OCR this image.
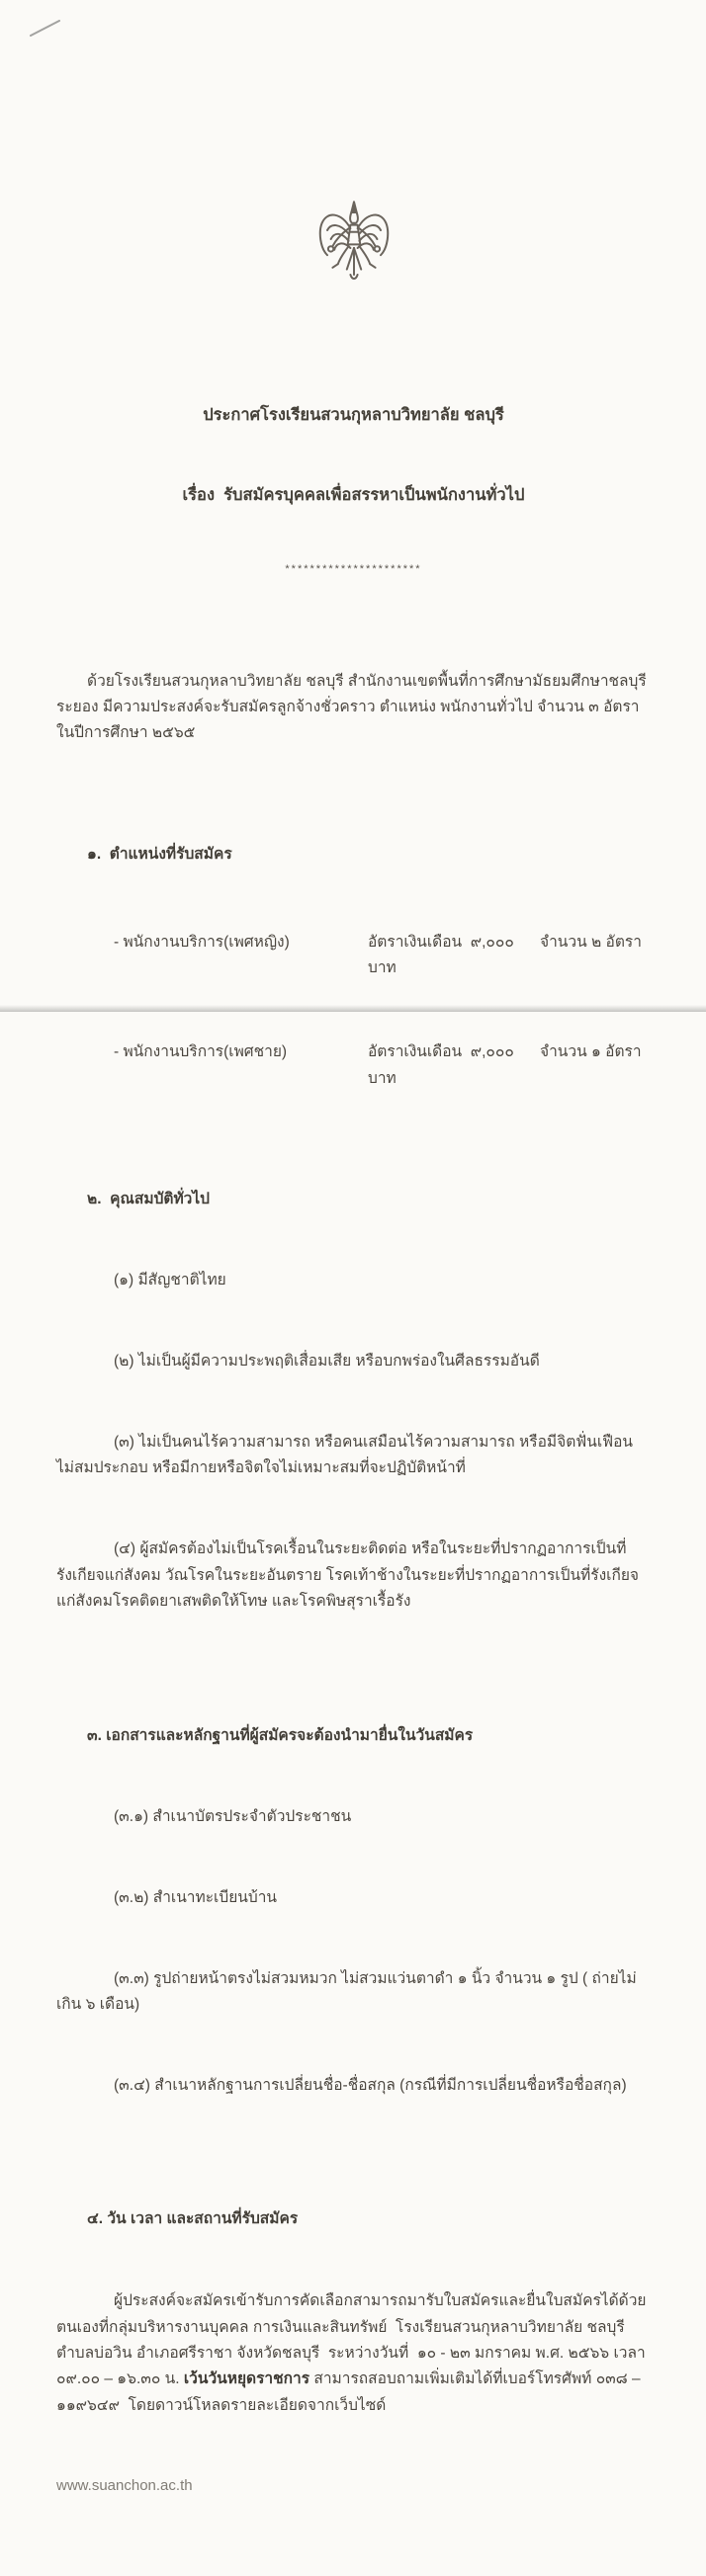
ประกาศโรงเรียนสวนกุหลาบวิทยาลัย ชลบุรี

เรื่อง  รับสมัครบุคคลเพื่อสรรหาเป็นพนักงานทั่วไป

**********************

ด้วยโรงเรียนสวนกุหลาบวิทยาลัย ชลบุรี สำนักงานเขตพื้นที่การศึกษามัธยมศึกษาชลบุรี ระยอง มีความประสงค์จะรับสมัครลูกจ้างชั่วคราว ตำแหน่ง พนักงานทั่วไป จำนวน ๓ อัตรา  ในปีการศึกษา ๒๕๖๕

๑.  ตำแหน่งที่รับสมัคร

- พนักงานบริการ(เพศหญิง)	อัตราเงินเดือน  ๙,๐๐๐  บาท
จำนวน ๒ อัตรา

- พนักงานบริการ(เพศชาย)	อัตราเงินเดือน  ๙,๐๐๐  บาท
จำนวน ๑ อัตรา

๒.  คุณสมบัติทั่วไป

(๑) มีสัญชาติไทย

(๒) ไม่เป็นผู้มีความประพฤติเสื่อมเสีย หรือบกพร่องในศีลธรรมอันดี

(๓) ไม่เป็นคนไร้ความสามารถ หรือคนเสมือนไร้ความสามารถ หรือมีจิตฟั่นเฟือนไม่สมประกอบ หรือมีกายหรือจิตใจไม่เหมาะสมที่จะปฏิบัติหน้าที่

(๔) ผู้สมัครต้องไม่เป็นโรคเรื้อนในระยะติดต่อ หรือในระยะที่ปรากฏอาการเป็นที่รังเกียจแก่สังคม วัณโรคในระยะอันตราย โรคเท้าช้างในระยะที่ปรากฏอาการเป็นที่รังเกียจแก่สังคมโรคติดยาเสพติดให้โทษ และโรคพิษสุราเรื้อรัง

๓. เอกสารและหลักฐานที่ผู้สมัครจะต้องนำมายื่นในวันสมัคร

(๓.๑) สำเนาบัตรประจำตัวประชาชน

(๓.๒) สำเนาทะเบียนบ้าน

(๓.๓) รูปถ่ายหน้าตรงไม่สวมหมวก ไม่สวมแว่นตาดำ ๑ นิ้ว จำนวน ๑ รูป ( ถ่ายไม่เกิน ๖ เดือน)

(๓.๔) สำเนาหลักฐานการเปลี่ยนชื่อ-ชื่อสกุล (กรณีที่มีการเปลี่ยนชื่อหรือชื่อสกุล)

๔. วัน เวลา และสถานที่รับสมัคร

ผู้ประสงค์จะสมัครเข้ารับการคัดเลือกสามารถมารับใบสมัครและยื่นใบสมัครได้ด้วยตนเองที่กลุ่มบริหารงานบุคคล การเงินและสินทรัพย์  โรงเรียนสวนกุหลาบวิทยาลัย ชลบุรี  ตำบลบ่อวิน อำเภอศรีราชา จังหวัดชลบุรี  ระหว่างวันที่  ๑๐ - ๒๓ มกราคม พ.ศ. ๒๕๖๖ เวลา ๐๙.๐๐ – ๑๖.๓๐ น. เว้นวันหยุดราชการ สามารถสอบถามเพิ่มเติมได้ที่เบอร์โทรศัพท์ ๐๓๘ – ๑๑๙๖๔๙  โดยดาวน์โหลดรายละเอียดจากเว็บไซด์

www.suanchon.ac.th
